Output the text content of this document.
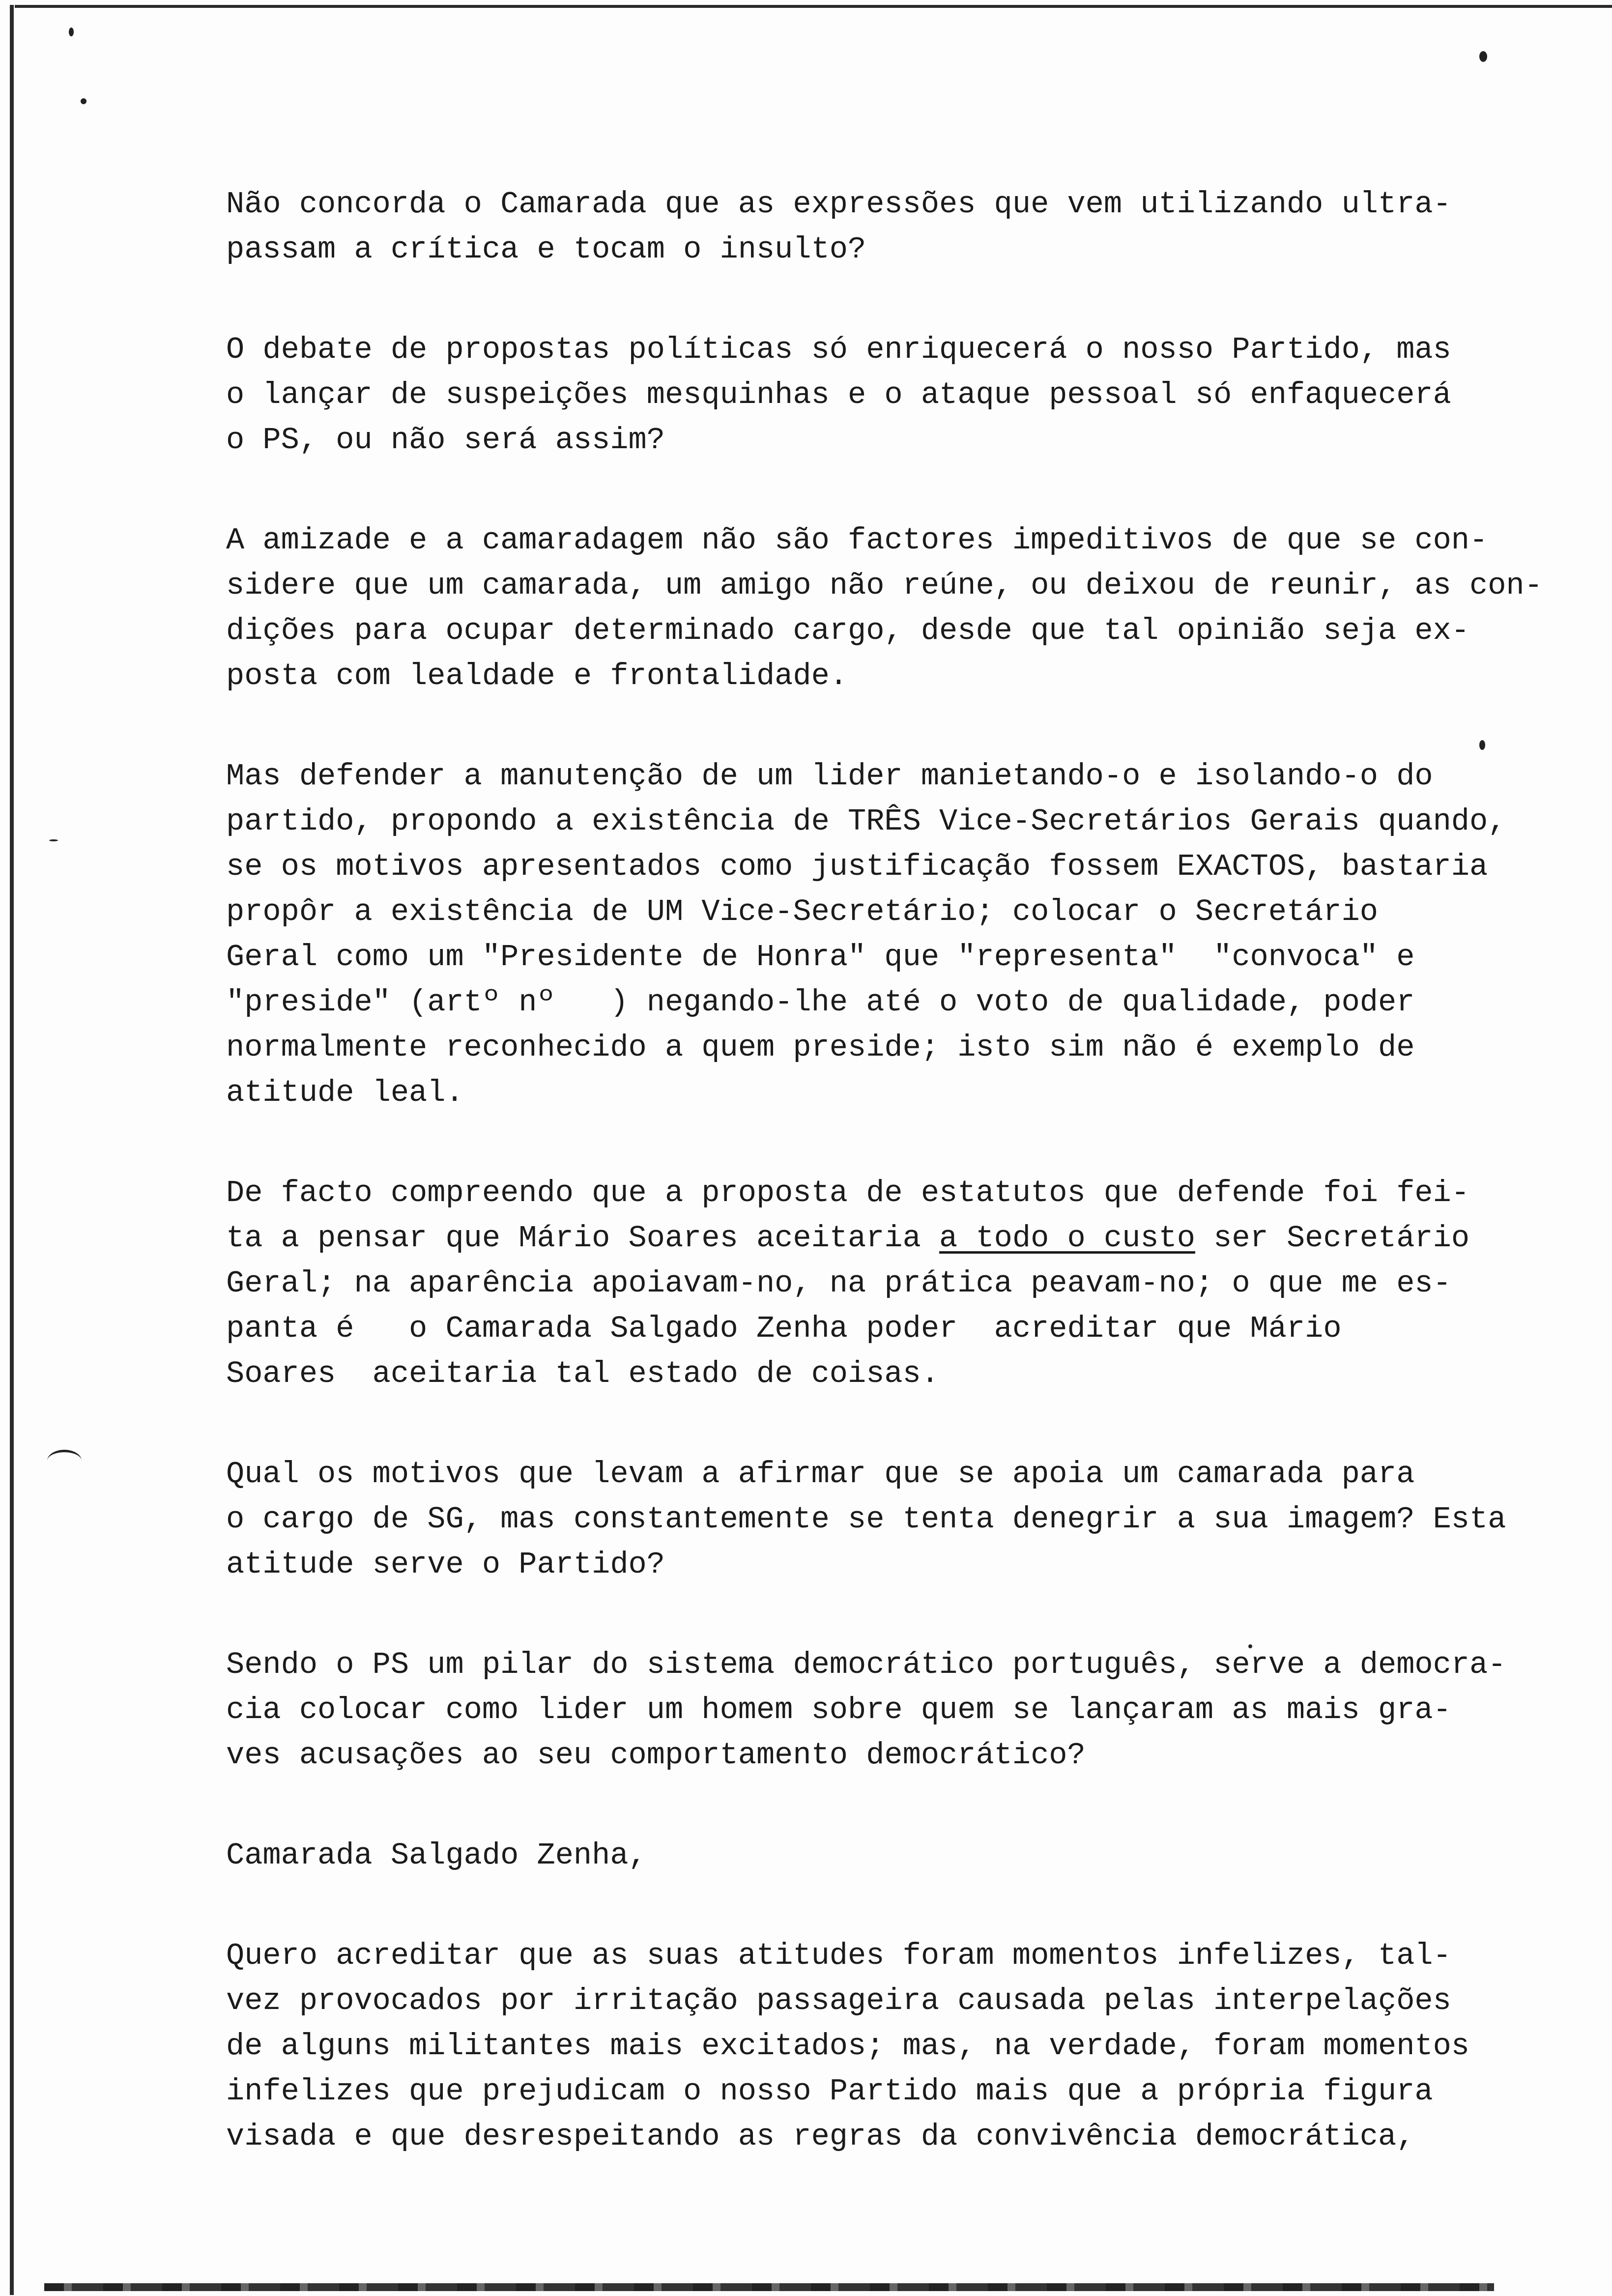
Não concorda o Camarada que as expressões que vem utilizando ultra-
passam a crítica e tocam o insulto?
O debate de propostas políticas só enriquecerá o nosso Partido, mas
o lançar de suspeições mesquinhas e o ataque pessoal só enfaquecerá
o PS, ou não será assim?
A amizade e a camaradagem não são factores impeditivos de que se con-
sidere que um camarada, um amigo não reúne, ou deixou de reunir, as con-
dições para ocupar determinado cargo, desde que tal opinião seja ex-
posta com lealdade e frontalidade.
Mas defender a manutenção de um lider manietando-o e isolando-o do
partido, propondo a existência de TRÊS Vice-Secretários Gerais quando,
se os motivos apresentados como justificação fossem EXACTOS, bastaria
propôr a existência de UM Vice-Secretário; colocar o Secretário
Geral como um "Presidente de Honra" que "representa"  "convoca" e
"preside" (artº nº   ) negando-lhe até o voto de qualidade, poder
normalmente reconhecido a quem preside; isto sim não é exemplo de
atitude leal.
De facto compreendo que a proposta de estatutos que defende foi fei-
ta a pensar que Mário Soares aceitaria a todo o custo ser Secretário
Geral; na aparência apoiavam-no, na prática peavam-no; o que me es-
panta é   o Camarada Salgado Zenha poder  acreditar que Mário
Soares  aceitaria tal estado de coisas.
Qual os motivos que levam a afirmar que se apoia um camarada para
o cargo de SG, mas constantemente se tenta denegrir a sua imagem? Esta
atitude serve o Partido?
Sendo o PS um pilar do sistema democrático português, serve a democra-
cia colocar como lider um homem sobre quem se lançaram as mais gra-
ves acusações ao seu comportamento democrático?
Camarada Salgado Zenha,
Quero acreditar que as suas atitudes foram momentos infelizes, tal-
vez provocados por irritação passageira causada pelas interpelações
de alguns militantes mais excitados; mas, na verdade, foram momentos
infelizes que prejudicam o nosso Partido mais que a própria figura
visada e que desrespeitando as regras da convivência democrática,
